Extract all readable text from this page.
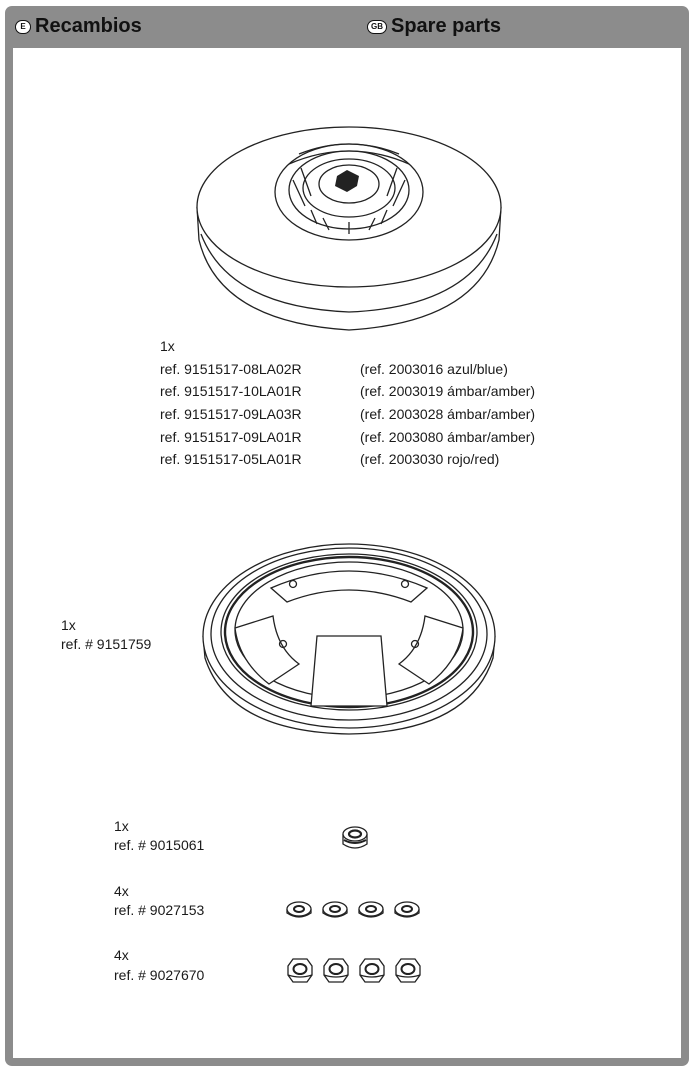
E Recambios	GB Spare parts
1x
ref. 9151517-08LA02R	(ref. 2003016 azul/blue)
ref. 9151517-10LA01R	(ref. 2003019 ámbar/amber)
ref. 9151517-09LA03R	(ref. 2003028 ámbar/amber)
ref. 9151517-09LA01R	(ref. 2003080 ámbar/amber)
ref. 9151517-05LA01R	(ref. 2003030 rojo/red)
1x
ref. # 9151759
1x
ref. # 9015061
4x
ref. # 9027153
4x
ref. # 9027670
